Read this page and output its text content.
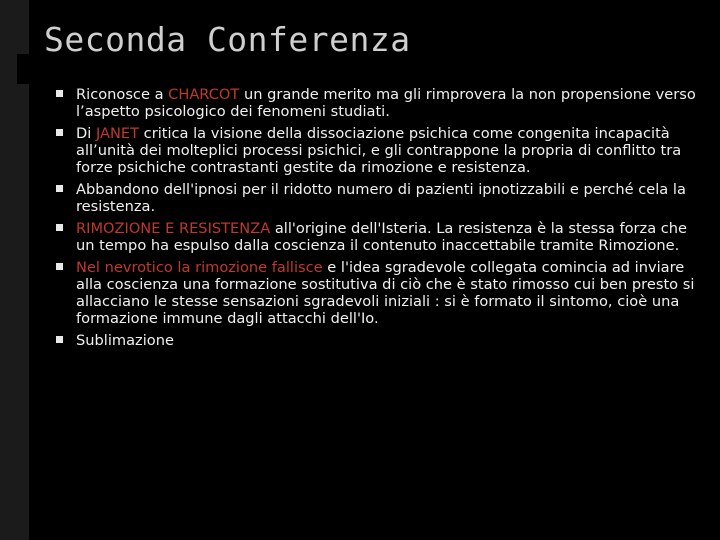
Seconda Conferenza
Riconosce a CHARCOT un grande merito ma gli rimprovera la non propensione verso l’aspetto psicologico dei fenomeni studiati.
Di JANET critica la visione della dissociazione psichica come congenita incapacità all’unità dei molteplici processi psichici, e gli contrappone la propria di conflitto tra forze psichiche contrastanti gestite da rimozione e resistenza.
Abbandono dell'ipnosi per il ridotto numero di pazienti ipnotizzabili e perché cela la resistenza.
RIMOZIONE E RESISTENZA all'origine dell'Isteria. La resistenza è la stessa forza che un tempo ha espulso dalla coscienza il contenuto inaccettabile tramite Rimozione.
Nel nevrotico la rimozione fallisce e l'idea sgradevole collegata comincia ad inviare alla coscienza una formazione sostitutiva di ciò che è stato rimosso cui ben presto si allacciano le stesse sensazioni sgradevoli iniziali : si è formato il sintomo, cioè una formazione immune dagli attacchi dell'Io.
Sublimazione
